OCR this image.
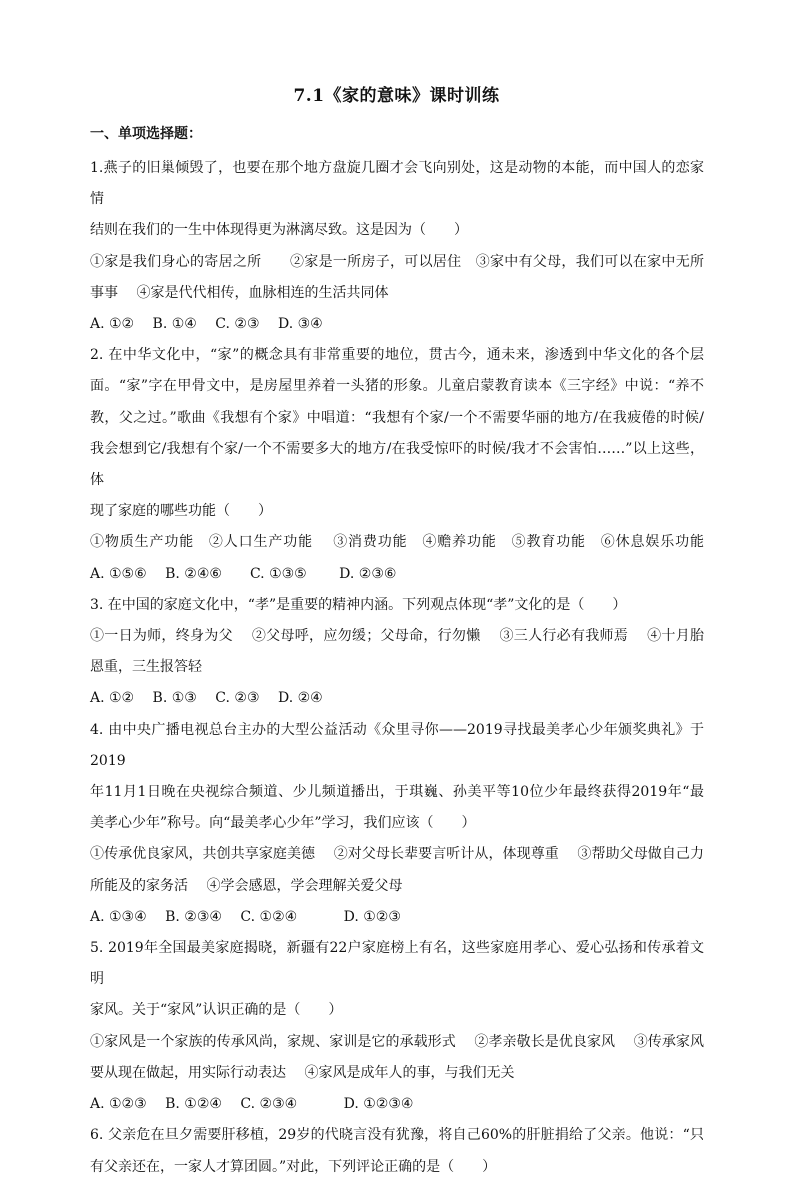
7.1《家的意味》课时训练
一、单项选择题：

1.燕子的旧巢倾毁了，也要在那个地方盘旋几圈才会飞向别处，这是动物的本能，而中国人的恋家情

结则在我们的一生中体现得更为淋漓尽致。这是因为（　　）

①家是我们身心的寄居之所　　②家是一所房子，可以居住　③家中有父母，我们可以在家中无所

事事　 ④家是代代相传，血脉相连的生活共同体

A. ①②　 B. ①④　 C. ②③　 D. ③④

2. 在中华文化中，“家”的概念具有非常重要的地位，贯古今，通未来，渗透到中华文化的各个层

面。“家”字在甲骨文中，是房屋里养着一头猪的形象。儿童启蒙教育读本《三字经》中说：“养不

教，父之过。”歌曲《我想有个家》中唱道：“我想有个家/一个不需要华丽的地方/在我疲倦的时候/

我会想到它/我想有个家/一个不需要多大的地方/在我受惊吓的时候/我才不会害怕……”以上这些，体

现了家庭的哪些功能（　　）

①物质生产功能　②人口生产功能　 ③消费功能　④赡养功能　⑤教育功能　⑥休息娱乐功能

A. ①⑤⑥　 B. ②④⑥　　C. ①③⑤　　 D. ②③⑥

3. 在中国的家庭文化中，“孝”是重要的精神内涵。下列观点体现“孝”文化的是（　　）

①一日为师，终身为父　 ②父母呼，应勿缓；父母命，行勿懒　 ③三人行必有我师焉　 ④十月胎

恩重，三生报答轻

A. ①②　 B. ①③　 C. ②③　 D. ②④

4. 由中央广播电视总台主办的大型公益活动《众里寻你——2019寻找最美孝心少年颁奖典礼》于2019

年11月1日晚在央视综合频道、少儿频道播出，于琪巍、孙美平等10位少年最终获得2019年“最

美孝心少年”称号。向“最美孝心少年”学习，我们应该（　　）

①传承优良家风，共创共享家庭美德　 ②对父母长辈要言听计从，体现尊重　 ③帮助父母做自己力

所能及的家务活　 ④学会感恩，学会理解关爱父母

A. ①③④　 B. ②③④　 C. ①②④　　　 D. ①②③

5. 2019年全国最美家庭揭晓，新疆有22户家庭榜上有名，这些家庭用孝心、爱心弘扬和传承着文明

家风。关于“家风”认识正确的是（　　）

①家风是一个家族的传承风尚，家规、家训是它的承载形式　 ②孝亲敬长是优良家风　 ③传承家风

要从现在做起，用实际行动表达　 ④家风是成年人的事，与我们无关

A. ①②③　 B. ①②④　 C. ②③④　　　 D. ①②③④

6. 父亲危在旦夕需要肝移植，29岁的代晓言没有犹豫，将自己60%的肝脏捐给了父亲。他说：“只

有父亲还在，一家人才算团圆。”对此，下列评论正确的是（　　）
